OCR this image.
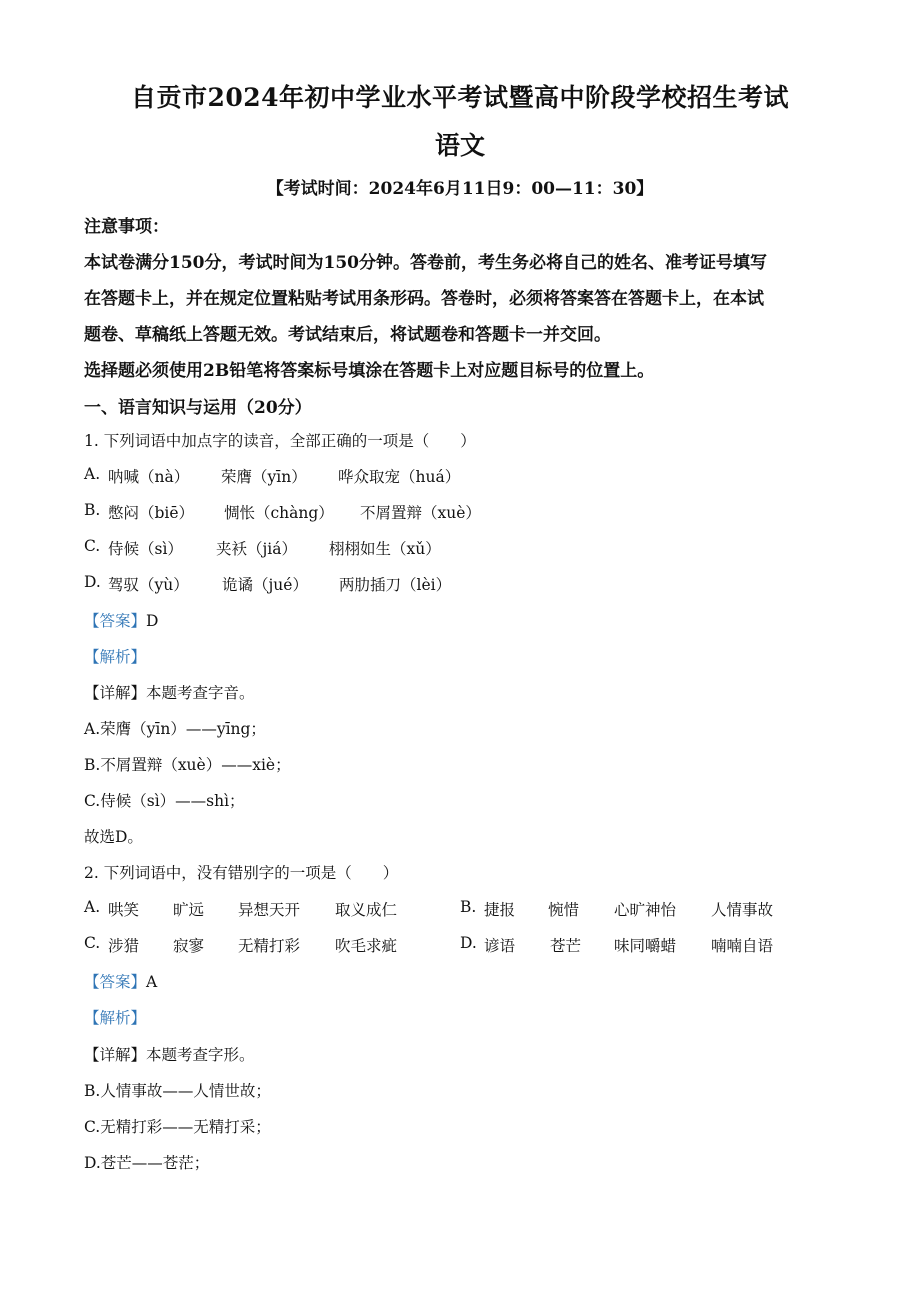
自贡市2024年初中学业水平考试暨高中阶段学校招生考试
语文
【考试时间：2024年6月11日9：00—11：30】
注意事项：
本试卷满分150分，考试时间为150分钟。答卷前，考生务必将自己的姓名、准考证号填写
在答题卡上，并在规定位置粘贴考试用条形码。答卷时，必须将答案答在答题卡上，在本试
题卷、草稿纸上答题无效。考试结束后，将试题卷和答题卡一并交回。
选择题必须使用2B铅笔将答案标号填涂在答题卡上对应题目标号的位置上。
一、语言知识与运用（20分）
1. 下列词语中加点字的读音，全部正确的一项是（　　）
A. 呐喊（nà） 荣膺（yīn） 哗众取宠（huá）
B. 憋闷（biē） 惆怅（chàng） 不屑置辩（xuè）
C. 侍候（sì） 夹袄（jiá） 栩栩如生（xǔ）
D. 驾驭（yù） 诡谲（jué） 两肋插刀（lèi）
【答案】D
【解析】
【详解】本题考查字音。
A.荣膺（yīn）——yīng；
B.不屑置辩（xuè）——xiè；
C.侍候（sì）——shì；
故选D。
2. 下列词语中，没有错别字的一项是（　　）
A. 哄笑 旷远 异想天开 取义成仁	B. 捷报 惋惜 心旷神怡 人情事故
C. 涉猎 寂寥 无精打彩 吹毛求疵	D. 谚语 苍芒 味同嚼蜡 喃喃自语
【答案】A
【解析】
【详解】本题考查字形。
B.人情事故——人情世故；
C.无精打彩——无精打采；
D.苍芒——苍茫；
